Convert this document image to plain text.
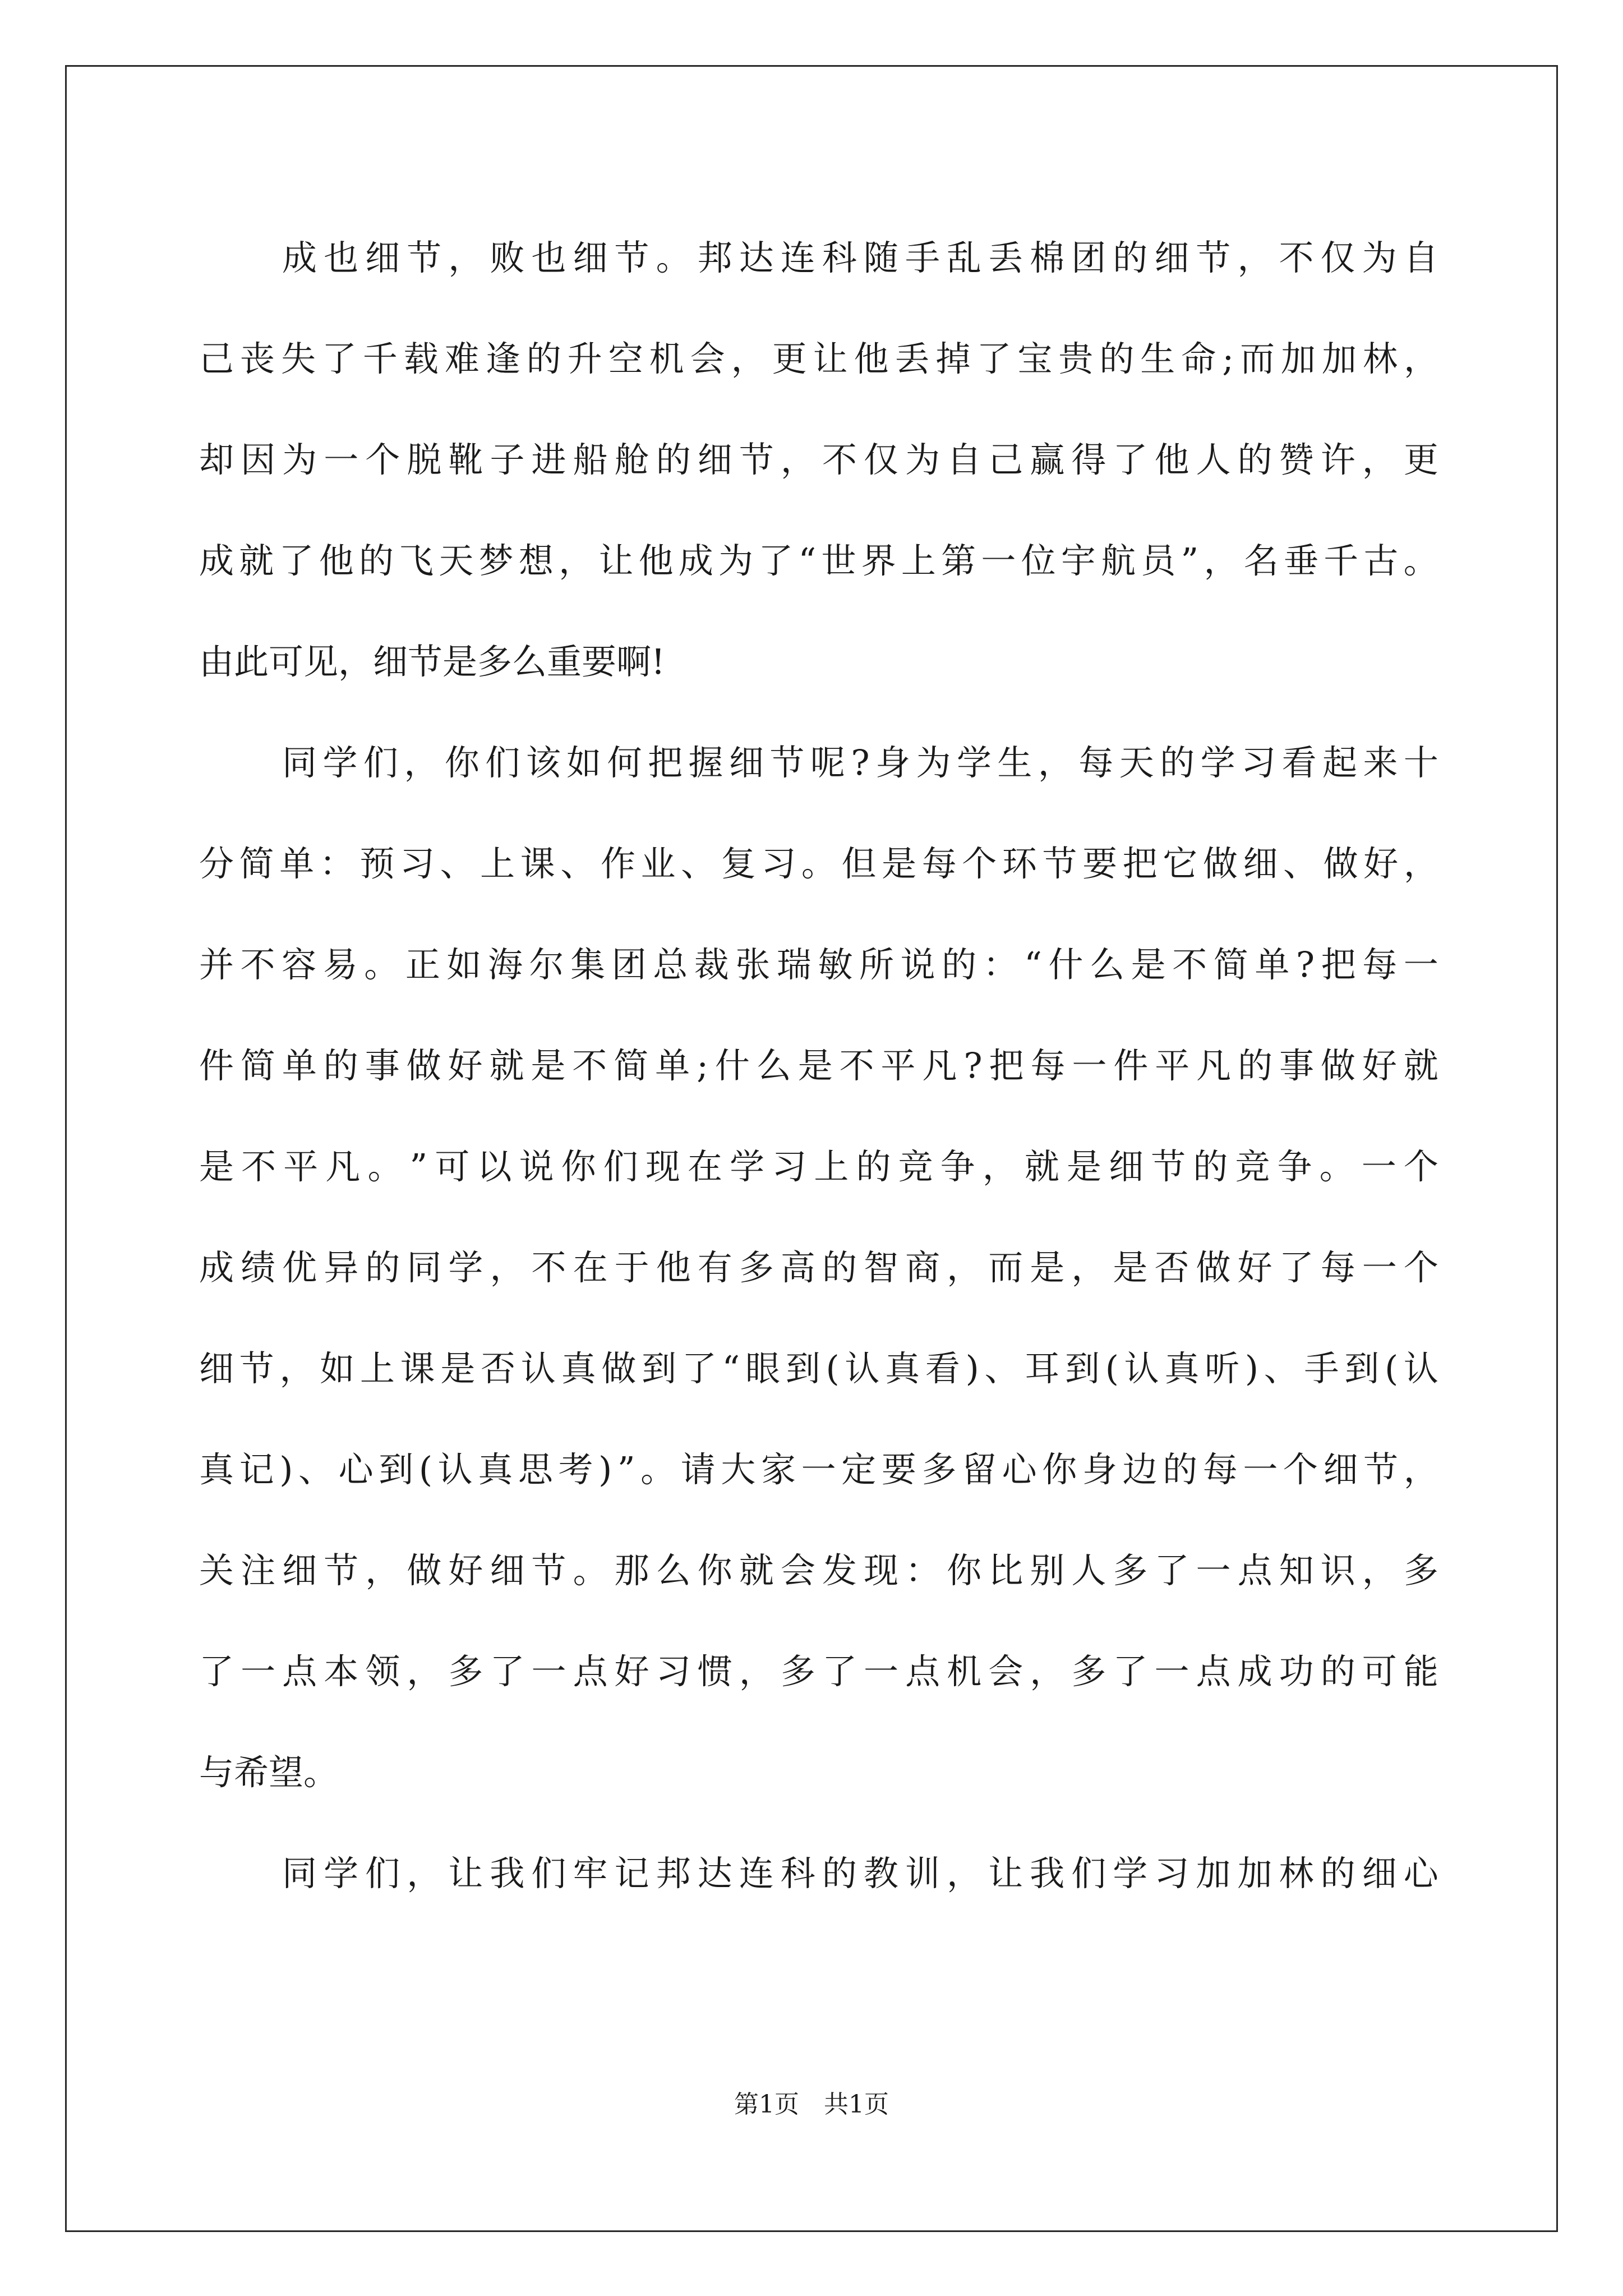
成 也 细 节 ， 败 也 细 节 。 邦 达 连 科 随 手 乱 丢 棉 团 的 细 节 ， 不 仅 为 自
己 丧 失 了 千 载 难 逢 的 升 空 机 会 ， 更 让 他 丢 掉 了 宝 贵 的 生 命 ; 而 加 加 林 ，
却 因 为 一 个 脱 靴 子 进 船 舱 的 细 节 ， 不 仅 为 自 己 赢 得 了 他 人 的 赞 许 ， 更
成 就 了 他 的 飞 天 梦 想 ， 让 他 成 为 了 “ 世 界 上 第 一 位 宇 航 员 ” ， 名 垂 千 古 。
由此可见，细节是多么重要啊!
同 学 们 ， 你 们 该 如 何 把 握 细 节 呢 ? 身 为 学 生 ， 每 天 的 学 习 看 起 来 十
分 简 单 ： 预 习 、 上 课 、 作 业 、 复 习 。 但 是 每 个 环 节 要 把 它 做 细 、 做 好 ，
并 不 容 易 。 正 如 海 尔 集 团 总 裁 张 瑞 敏 所 说 的 ： “ 什 么 是 不 简 单 ? 把 每 一
件 简 单 的 事 做 好 就 是 不 简 单 ; 什 么 是 不 平 凡 ? 把 每 一 件 平 凡 的 事 做 好 就
是 不 平 凡 。 ” 可 以 说 你 们 现 在 学 习 上 的 竞 争 ， 就 是 细 节 的 竞 争 。 一 个
成 绩 优 异 的 同 学 ， 不 在 于 他 有 多 高 的 智 商 ， 而 是 ， 是 否 做 好 了 每 一 个
细 节 ， 如 上 课 是 否 认 真 做 到 了 “ 眼 到 ( 认 真 看 ) 、 耳 到 ( 认 真 听 ) 、 手 到 ( 认
真 记 ) 、 心 到 ( 认 真 思 考 ) ” 。 请 大 家 一 定 要 多 留 心 你 身 边 的 每 一 个 细 节 ，
关 注 细 节 ， 做 好 细 节 。 那 么 你 就 会 发 现 ： 你 比 别 人 多 了 一 点 知 识 ， 多
了 一 点 本 领 ， 多 了 一 点 好 习 惯 ， 多 了 一 点 机 会 ， 多 了 一 点 成 功 的 可 能
与希望。
同 学 们 ， 让 我 们 牢 记 邦 达 连 科 的 教 训 ， 让 我 们 学 习 加 加 林 的 细 心
第1页 共1页
